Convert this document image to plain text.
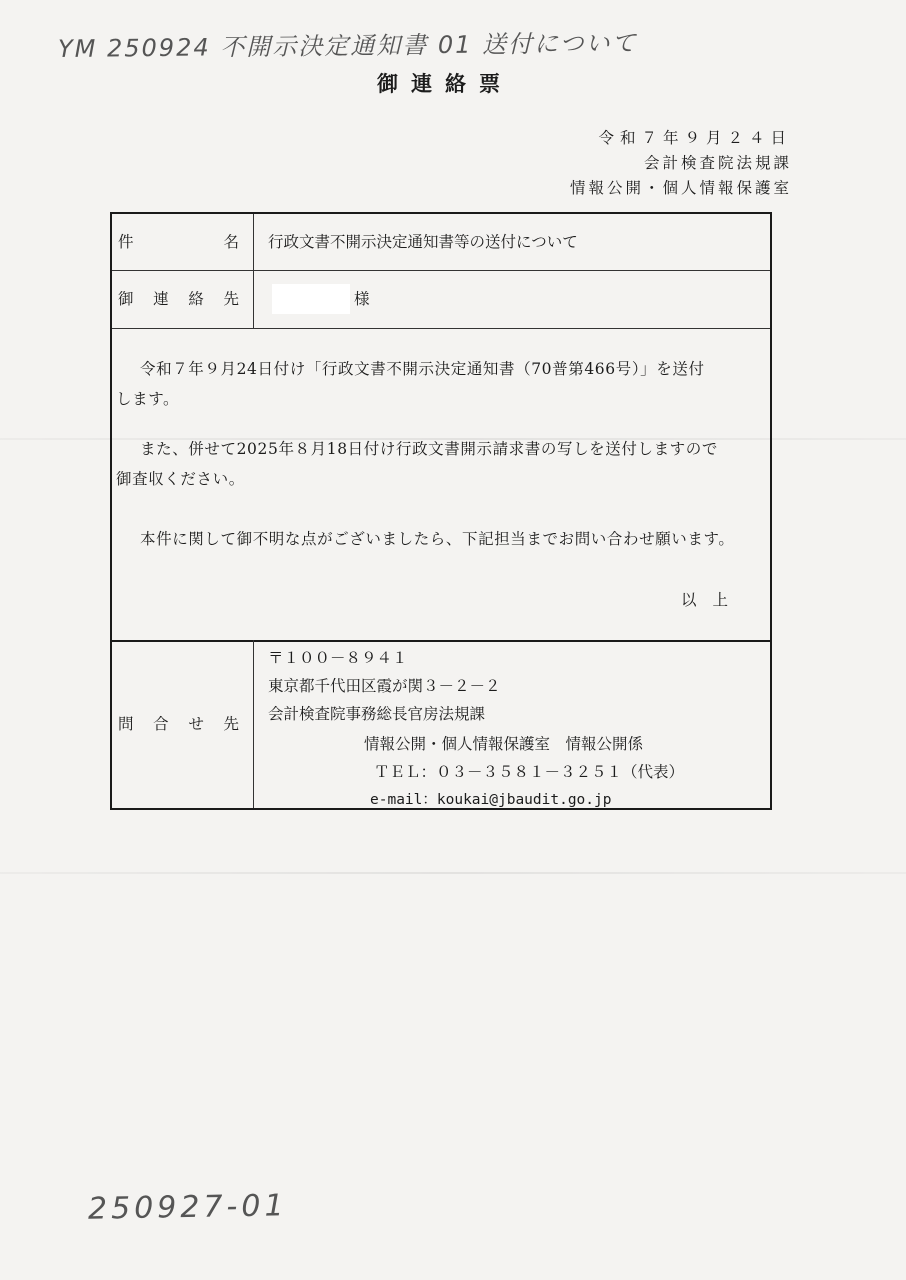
YM 250924 不開示決定通知書 01 送付について
御連絡票
令和７年９月２４日
会計検査院法規課
情報公開・個人情報保護室
件	名 行政文書不開示決定通知書等の送付について
御 連 絡 先	様

令和７年９月24日付け「行政文書不開示決定通知書（70普第466号）」を送付

します。

また、併せて2025年８月18日付け行政文書開示請求書の写しを送付しますので

御査収ください。

本件に関して御不明な点がございましたら、下記担当までお問い合わせ願います。

以上
問 合 せ 先
〒１００－８９４１
東京都千代田区霞が関３－２－２
会計検査院事務総長官房法規課
情報公開・個人情報保護室　情報公開係
ＴＥＬ：０３－３５８１－３２５１（代表）
e-mail：koukai@jbaudit.go.jp
250927-01
